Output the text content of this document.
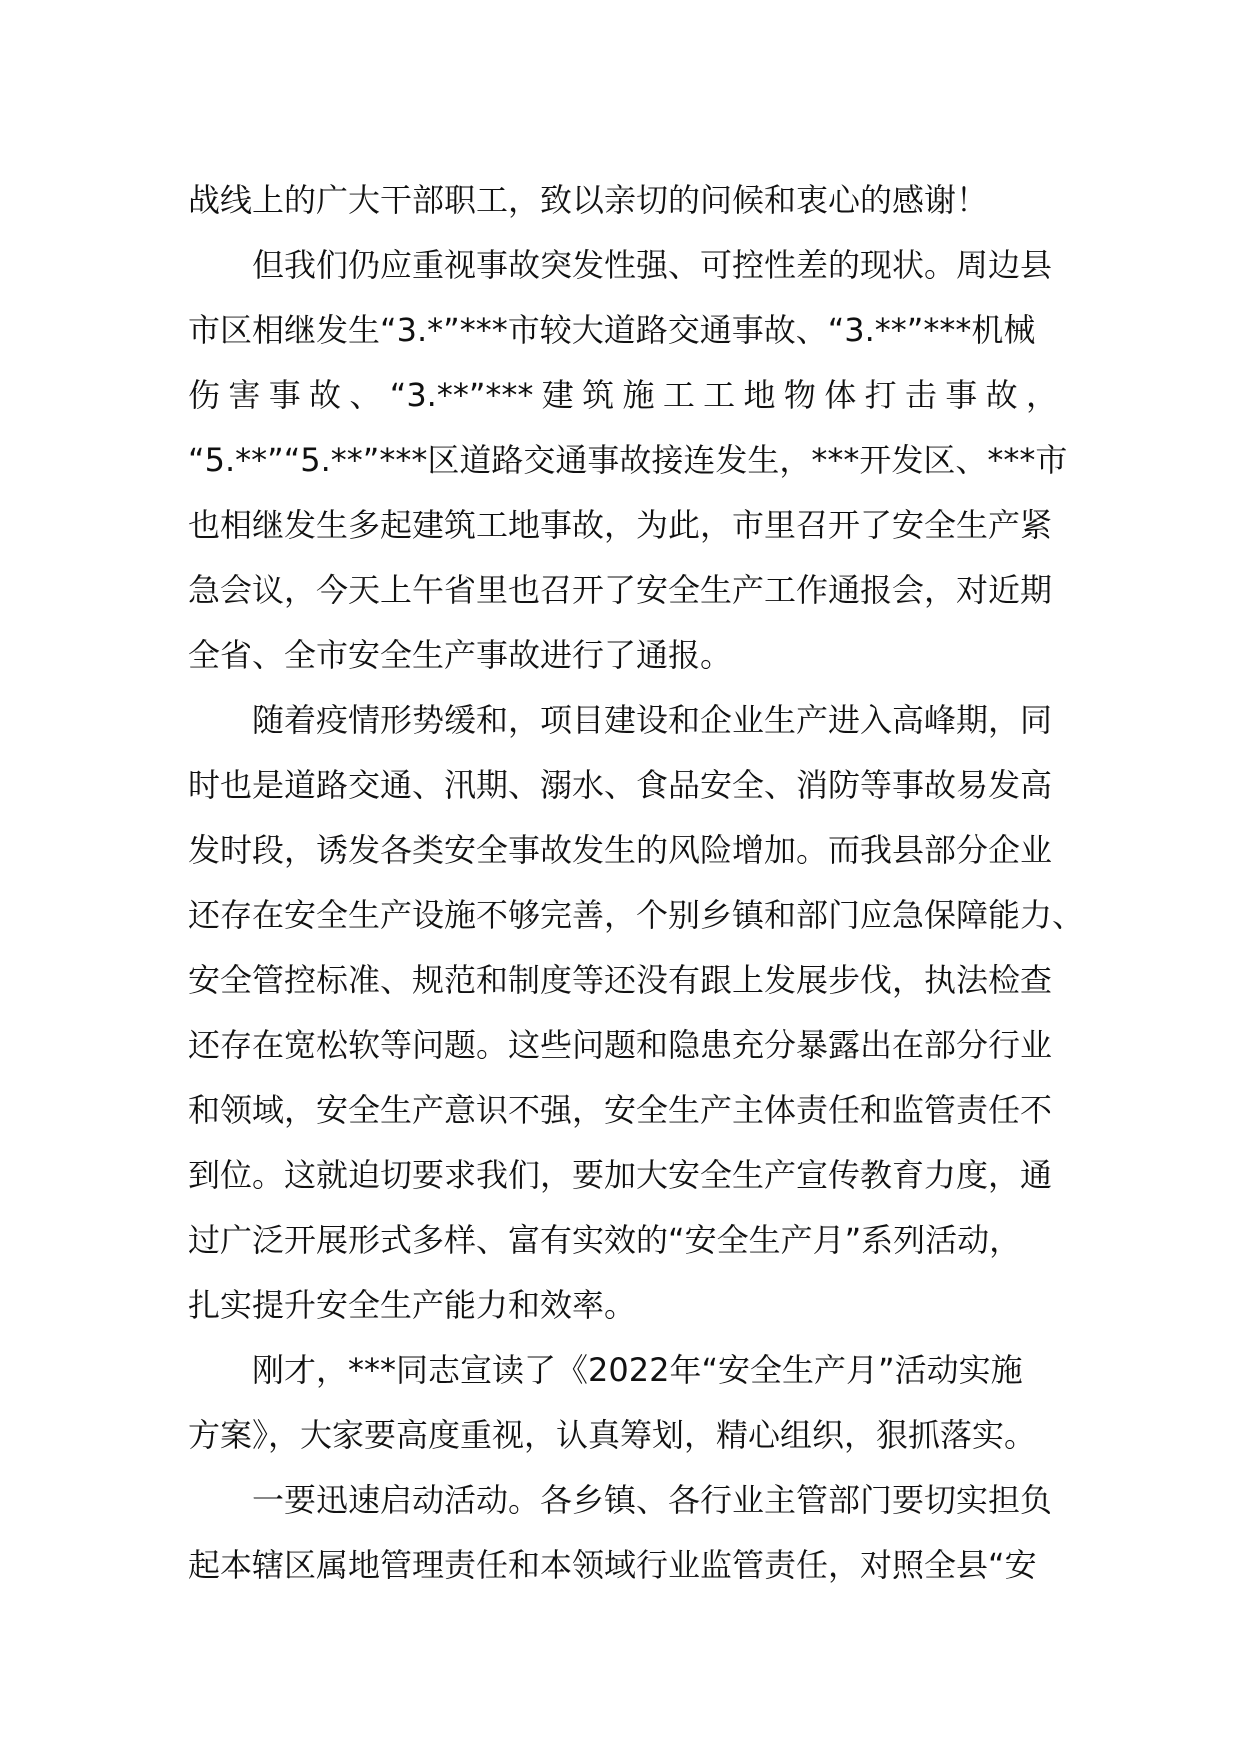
战线上的广大干部职工，致以亲切的问候和衷心的感谢！
但我们仍应重视事故突发性强、可控性差的现状。周边县
市区相继发生“3.*”***市较大道路交通事故、“3.**”***机械
伤害事故、“3.**”***建筑施工工地物体打击事故，
“5.**”“5.**”***区道路交通事故接连发生，***开发区、***市
也相继发生多起建筑工地事故，为此，市里召开了安全生产紧
急会议，今天上午省里也召开了安全生产工作通报会，对近期
全省、全市安全生产事故进行了通报。
随着疫情形势缓和，项目建设和企业生产进入高峰期，同
时也是道路交通、汛期、溺水、食品安全、消防等事故易发高
发时段，诱发各类安全事故发生的风险增加。而我县部分企业
还存在安全生产设施不够完善，个别乡镇和部门应急保障能力、
安全管控标准、规范和制度等还没有跟上发展步伐，执法检查
还存在宽松软等问题。这些问题和隐患充分暴露出在部分行业
和领域，安全生产意识不强，安全生产主体责任和监管责任不
到位。这就迫切要求我们，要加大安全生产宣传教育力度，通
过广泛开展形式多样、富有实效的“安全生产月”系列活动，
扎实提升安全生产能力和效率。
刚才，***同志宣读了《2022年“安全生产月”活动实施
方案》，大家要高度重视，认真筹划，精心组织，狠抓落实。
一要迅速启动活动。各乡镇、各行业主管部门要切实担负
起本辖区属地管理责任和本领域行业监管责任，对照全县“安
